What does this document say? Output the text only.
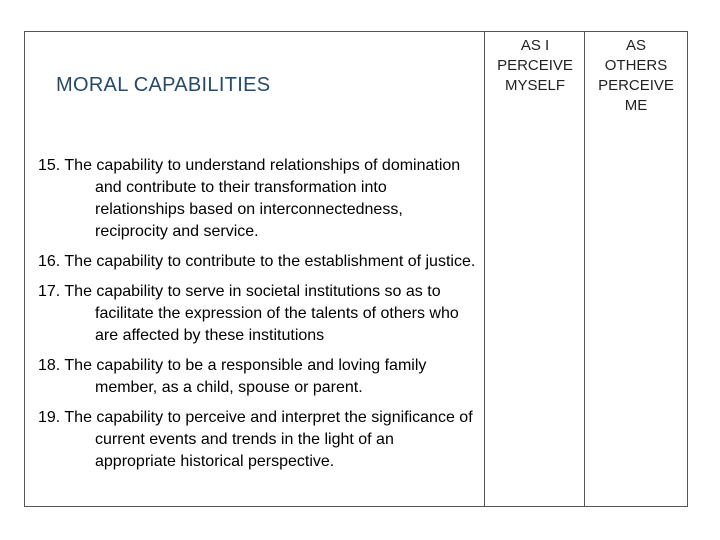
MORAL CAPABILITIES
AS I
PERCEIVE
MYSELF
AS
OTHERS
PERCEIVE
ME
15. The capability to understand relationships of domination and contribute to their transformation into relationships based on interconnectedness, reciprocity and service.
16. The capability to contribute to the establishment of justice.
17. The capability to serve in societal institutions so as to facilitate the expression of the talents of others who are affected by these institutions
18. The capability to be a responsible and loving family member, as a child, spouse or parent.
19. The capability to perceive and interpret the significance of current events and trends in the light of an appropriate historical perspective.
